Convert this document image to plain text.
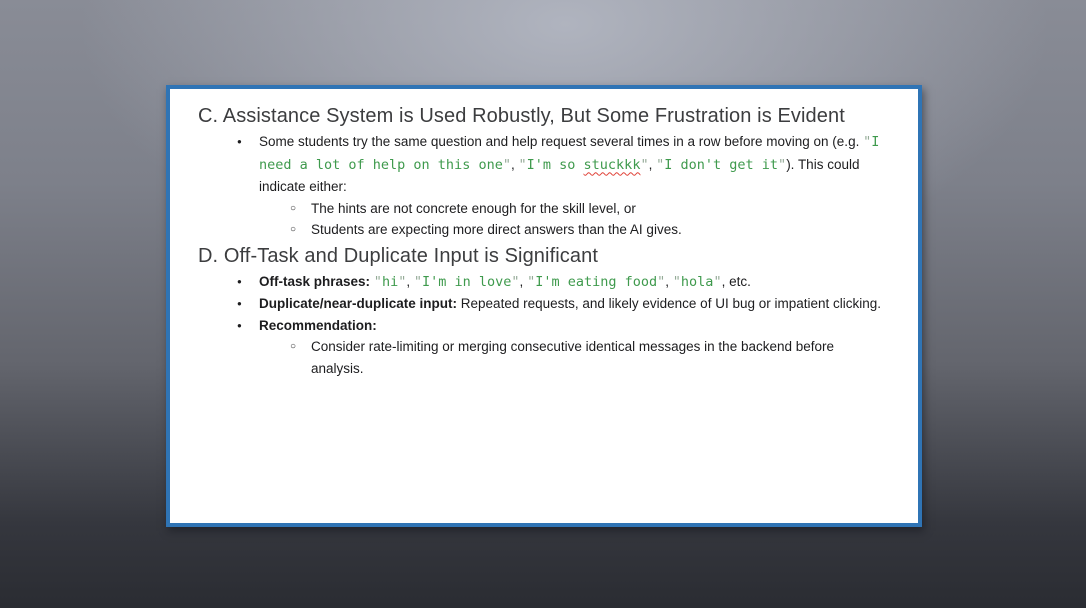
C. Assistance System is Used Robustly, But Some Frustration is Evident
●	Some students try the same question and help request several times in a row before moving on (e.g. "I need a lot of help on this one", "I'm so stuckkk", "I don't get it"). This could indicate either:
○	The hints are not concrete enough for the skill level, or
○	Students are expecting more direct answers than the AI gives.
D. Off-Task and Duplicate Input is Significant
●	Off-task phrases: "hi", "I'm in love", "I'm eating food", "hola", etc.
●	Duplicate/near-duplicate input: Repeated requests, and likely evidence of UI bug or impatient clicking.
●	Recommendation:
○	Consider rate-limiting or merging consecutive identical messages in the backend before analysis.
